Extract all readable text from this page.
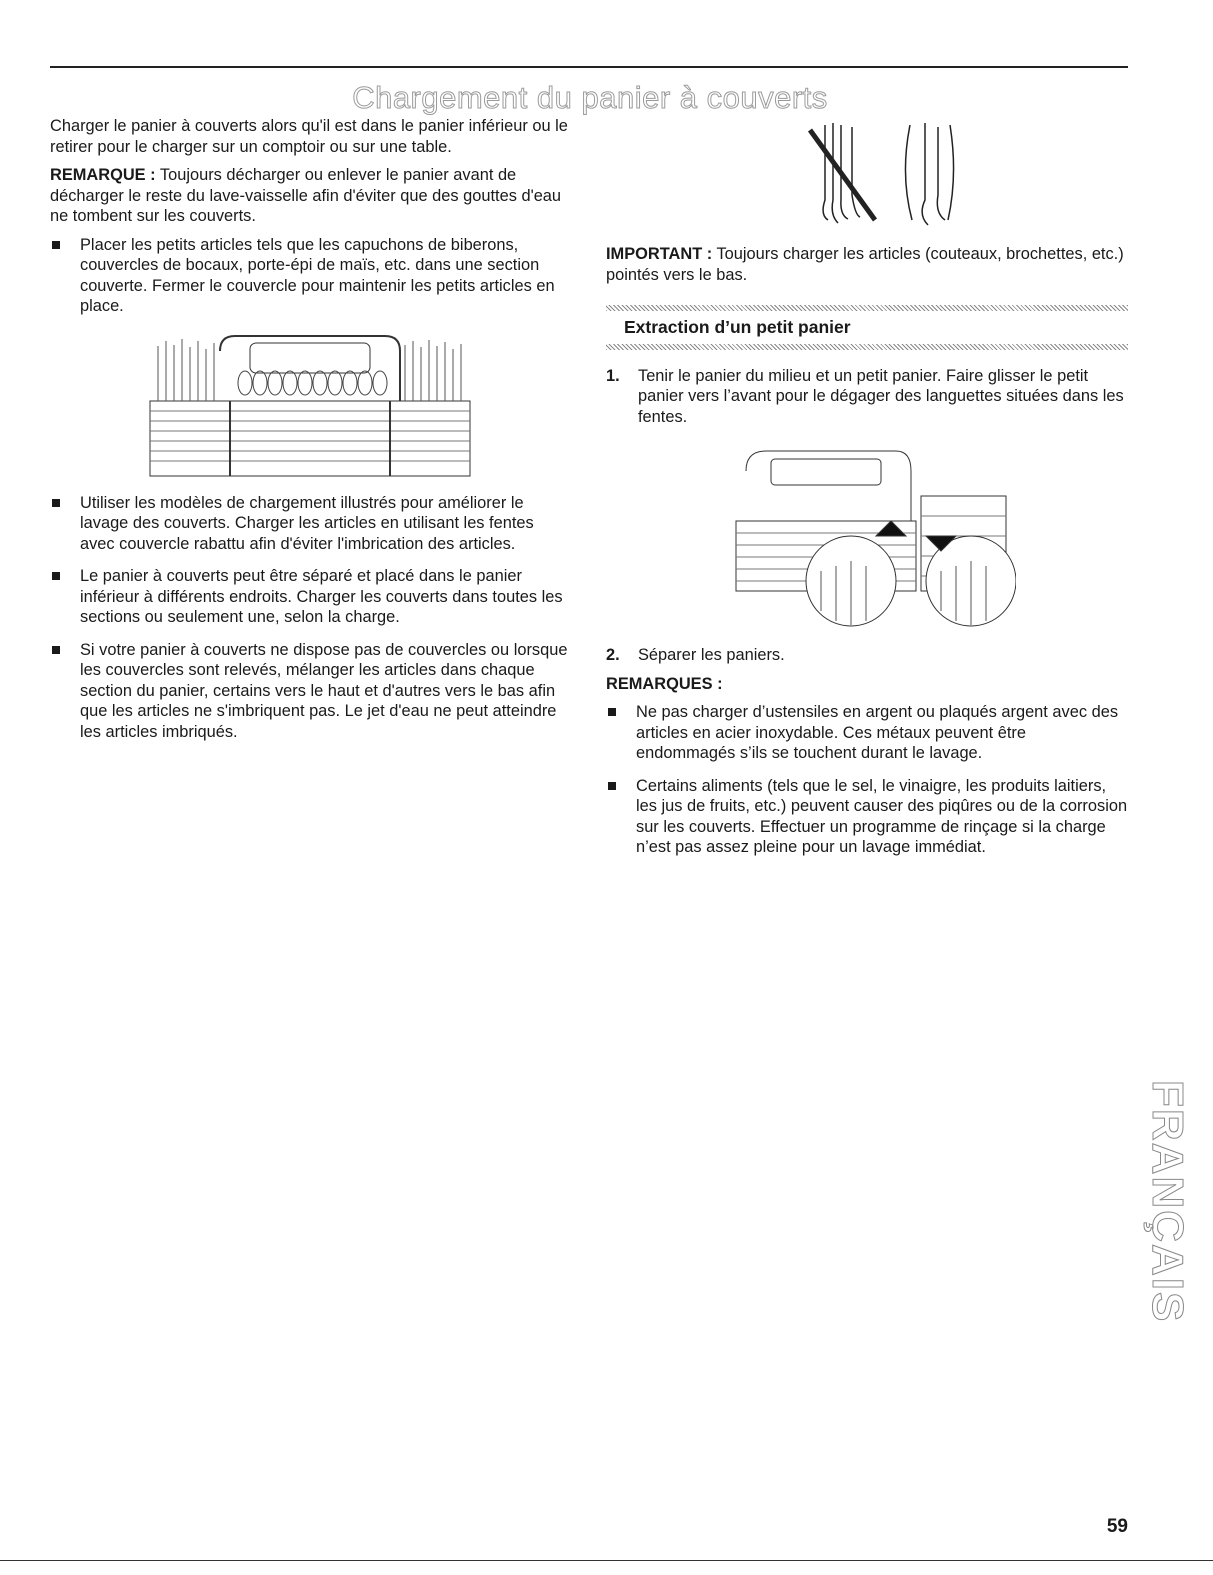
Chargement du panier à couverts

Charger le panier à couverts alors qu'il est dans le panier inférieur ou le retirer pour le charger sur un comptoir ou sur une table.

REMARQUE : Toujours décharger ou enlever le panier avant de décharger le reste du lave-vaisselle afin d'éviter que des gouttes d'eau ne tombent sur les couverts.

Placer les petits articles tels que les capuchons de biberons, couvercles de bocaux, porte-épi de maïs, etc. dans une section couverte. Fermer le couvercle pour maintenir les petits articles en place.
Utiliser les modèles de chargement illustrés pour améliorer le lavage des couverts. Charger les articles en utilisant les fentes avec couvercle rabattu afin d'éviter l'imbrication des articles.
Le panier à couverts peut être séparé et placé dans le panier inférieur à différents endroits. Charger les couverts dans toutes les sections ou seulement une, selon la charge.
Si votre panier à couverts ne dispose pas de couvercles ou lorsque les couvercles sont relevés, mélanger les articles dans chaque section du panier, certains vers le haut et d'autres vers le bas afin que les articles ne s'imbriquent pas. Le jet d'eau ne peut atteindre les articles imbriqués.

IMPORTANT : Toujours charger les articles (couteaux, brochettes, etc.) pointés vers le bas.

Extraction d’un petit panier
1. Tenir le panier du milieu et un petit panier. Faire glisser le petit panier vers l’avant pour le dégager des languettes situées dans les fentes.
2. Séparer les paniers.

REMARQUES :

Ne pas charger d’ustensiles en argent ou plaqués argent avec des articles en acier inoxydable. Ces métaux peuvent être endommagés s’ils se touchent durant le lavage.
Certains aliments (tels que le sel, le vinaigre, les produits laitiers, les jus de fruits, etc.) peuvent causer des piqûres ou de la corrosion sur les couverts. Effectuer un programme de rinçage si la charge n’est pas assez pleine pour un lavage immédiat.
FRANÇAIS
59
